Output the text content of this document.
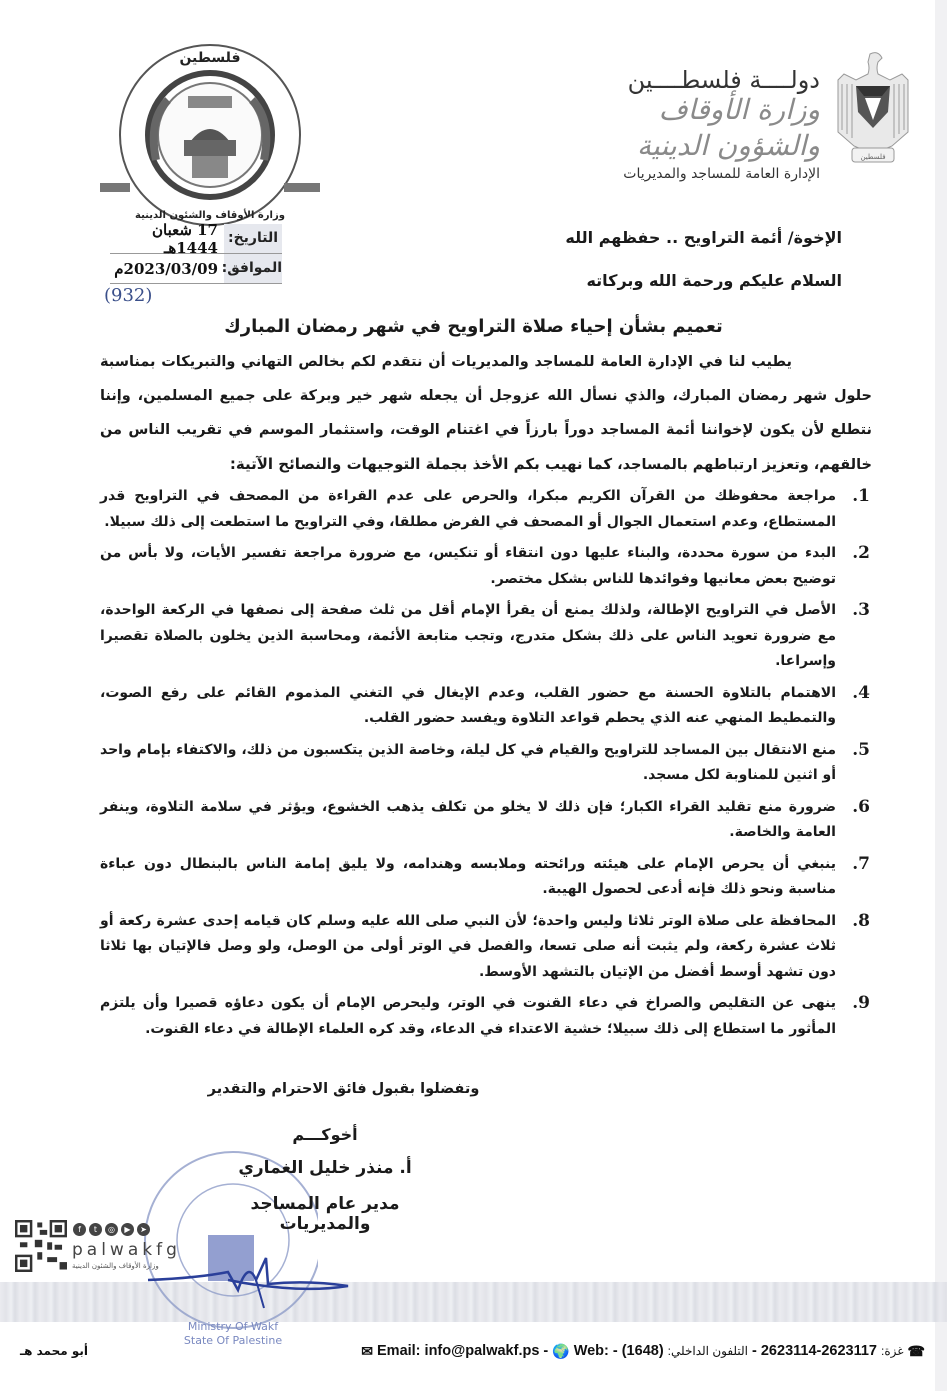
فلسطين
دولــــة فلسطــــين
وزارة الأوقاف والشؤون الدينية
الإدارة العامة للمساجد والمديريات
فلسطين
وزارة الأوقاف والشئون الدينية
التاريخ:
17 شعبان 1444هـ
الموافق:
2023/03/09م
(932)
الإخوة/ أئمة التراويح .. حفظهم الله
السلام عليكم ورحمة الله وبركاته
تعميم بشأن إحياء صلاة التراويح في شهر رمضان المبارك
يطيب لنا في الإدارة العامة للمساجد والمديريات أن نتقدم لكم بخالص التهاني والتبريكات بمناسبة حلول شهر رمضان المبارك، والذي نسأل الله عزوجل أن يجعله شهر خير وبركة على جميع المسلمين، وإننا نتطلع لأن يكون لإخواننا أئمة المساجد دوراً بارزاً في اغتنام الوقت، واستثمار الموسم في تقريب الناس من خالقهم، وتعزيز ارتباطهم بالمساجد، كما نهيب بكم الأخذ بجملة التوجيهات والنصائح الآتية:
1.
مراجعة محفوظك من القرآن الكريم مبكرا، والحرص على عدم القراءة من المصحف في التراويح قدر المستطاع، وعدم استعمال الجوال أو المصحف في الفرض مطلقا، وفي التراويح ما استطعت إلى ذلك سبيلا.
2.
البدء من سورة محددة، والبناء عليها دون انتقاء أو تنكيس، مع ضرورة مراجعة تفسير الأيات، ولا بأس من توضيح بعض معانيها وفوائدها للناس بشكل مختصر.
3.
الأصل في التراويح الإطالة، ولذلك يمنع أن يقرأ الإمام أقل من ثلث صفحة إلى نصفها في الركعة الواحدة، مع ضرورة تعويد الناس على ذلك بشكل متدرج، وتجب متابعة الأئمة، ومحاسبة الذين يخلون بالصلاة تقصيرا وإسراعا.
4.
الاهتمام بالتلاوة الحسنة مع حضور القلب، وعدم الإيغال في التغني المذموم القائم على رفع الصوت، والتمطيط المنهي عنه الذي يحطم قواعد التلاوة ويفسد حضور القلب.
5.
منع الانتقال بين المساجد للتراويح والقيام في كل ليلة، وخاصة الذين يتكسبون من ذلك، والاكتفاء بإمام واحد أو اثنين للمناوبة لكل مسجد.
6.
ضرورة منع تقليد القراء الكبار؛ فإن ذلك لا يخلو من تكلف يذهب الخشوع، ويؤثر في سلامة التلاوة، وينفر العامة والخاصة.
7.
ينبغي أن يحرص الإمام على هيئته ورائحته وملابسه وهندامه، ولا يليق إمامة الناس بالبنطال دون عباءة مناسبة ونحو ذلك فإنه أدعى لحصول الهيبة.
8.
المحافظة على صلاة الوتر ثلاثا وليس واحدة؛ لأن النبي صلى الله عليه وسلم كان قيامه إحدى عشرة ركعة أو ثلاث عشرة ركعة، ولم يثبت أنه صلى تسعا، والفصل في الوتر أولى من الوصل، ولو وصل فالإتيان بها ثلاثا دون تشهد أوسط أفضل من الإتيان بالتشهد الأوسط.
9.
ينهى عن التقليص والصراخ في دعاء القنوت في الوتر، وليحرص الإمام أن يكون دعاؤه قصيرا وأن يلتزم المأثور ما استطاع إلى ذلك سبيلا؛ خشية الاعتداء في الدعاء، وقد كره العلماء الإطالة في دعاء القنوت.
وتفضلوا بقبول فائق الاحترام والتقدير
Ministry Of Wakf
State Of Palestine
أخوكـــم
أ. منذر خليل الغماري
مدير عام المساجد والمديريات
f	t	◎	▶	➤
palwakfg
وزارة الأوقاف والشئون الدينية
أبو محمد هـ	✉ Email: info@palwakf.ps - 🌍 Web: - (1648) التلفون الداخلي: - 2623114-2623117 غزة: ☎
